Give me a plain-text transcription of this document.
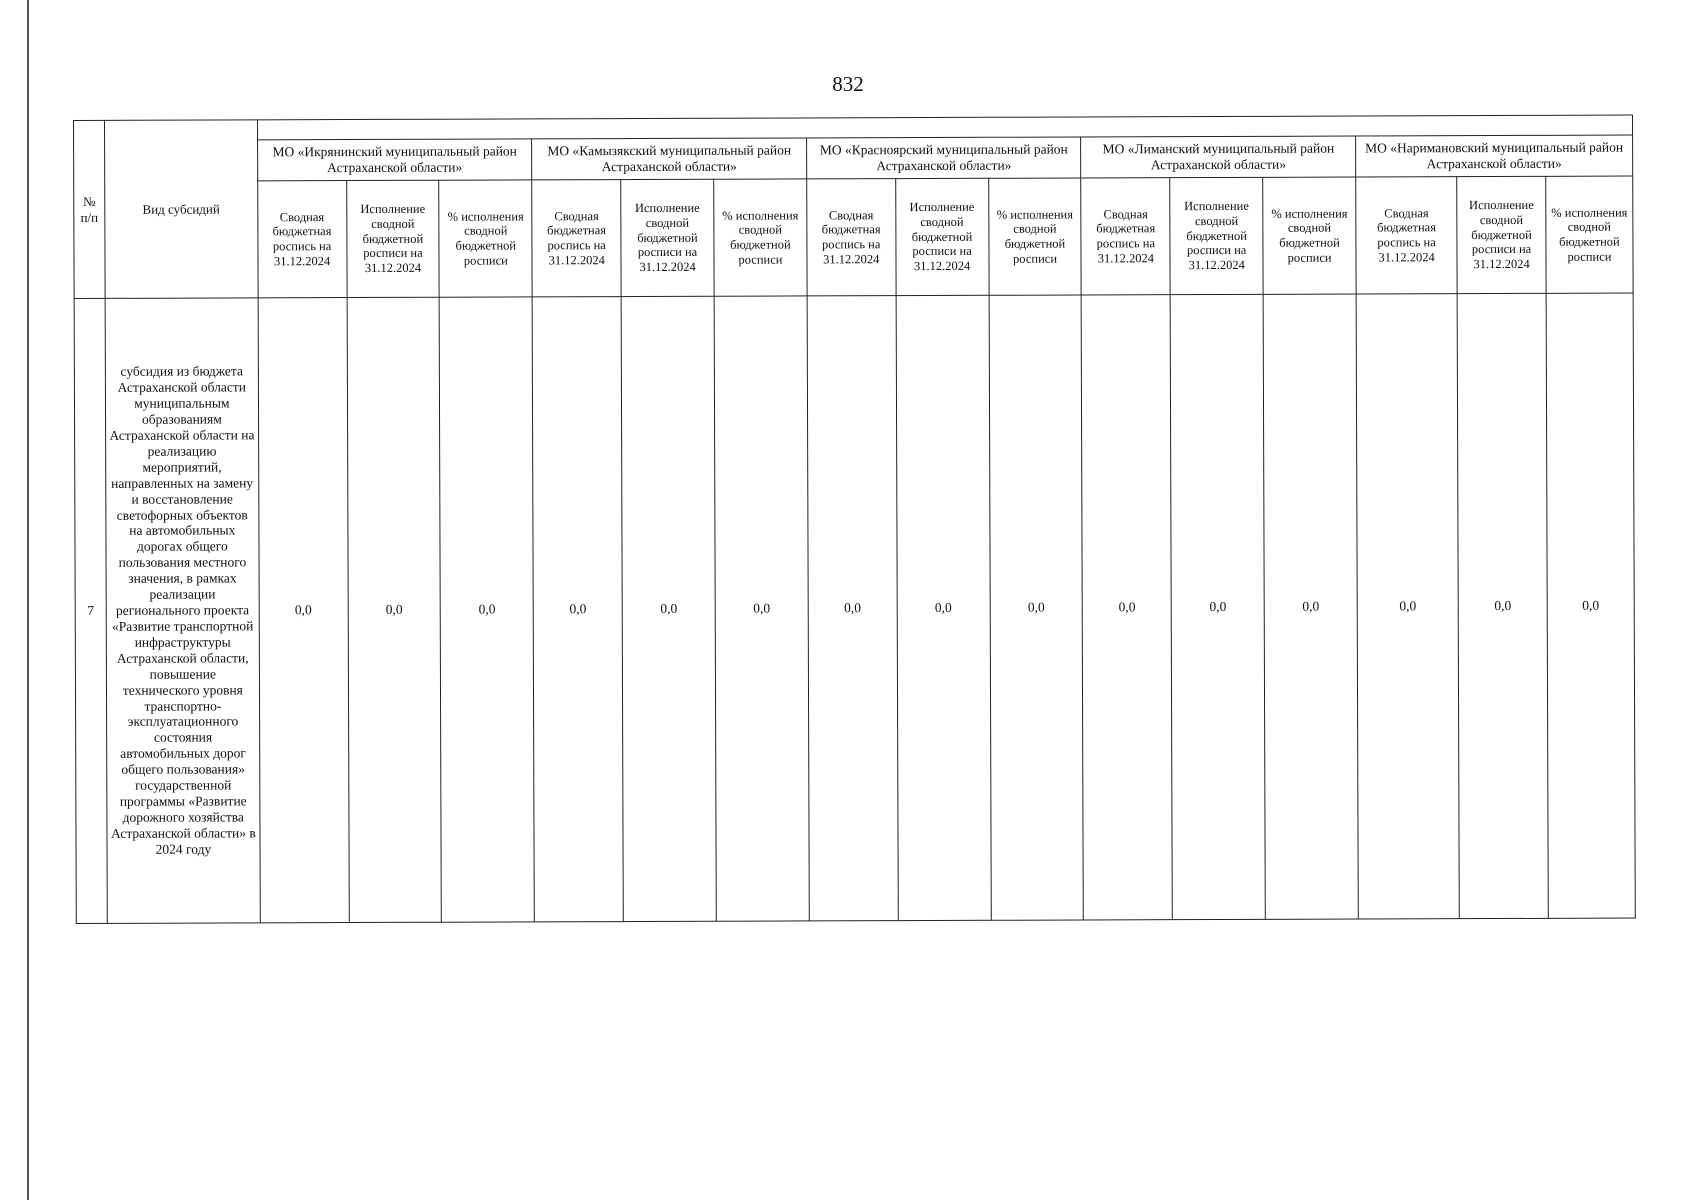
832
№ п/п	Вид субсидий															
		МО «Икрянинский муниципальный район Астраханской области»			МО «Камызякский муниципальный район Астраханской области»			МО «Красноярский муниципальный район Астраханской области»			МО «Лиманский муниципальный район Астраханской области»			МО «Наримановский муниципальный район Астраханской области»		
		Сводная бюджетная роспись на 31.12.2024	Исполнение сводной бюджетной росписи на 31.12.2024	% исполнения сводной бюджетной росписи	Сводная бюджетная роспись на 31.12.2024	Исполнение сводной бюджетной росписи на 31.12.2024	% исполнения сводной бюджетной росписи	Сводная бюджетная роспись на 31.12.2024	Исполнение сводной бюджетной росписи на 31.12.2024	% исполнения сводной бюджетной росписи	Сводная бюджетная роспись на 31.12.2024	Исполнение сводной бюджетной росписи на 31.12.2024	% исполнения сводной бюджетной росписи	Сводная бюджетная роспись на 31.12.2024	Исполнение сводной бюджетной росписи на 31.12.2024	% исполнения сводной бюджетной росписи
7	субсидия из бюджета Астраханской области муниципальным образованиям Астраханской области на реализацию мероприятий, направленных на замену и восстановление светофорных объектов на автомобильных дорогах общего пользования местного значения, в рамках реализации регионального проекта «Развитие транспортной инфраструктуры Астраханской области, повышение технического уровня транспортно-эксплуатационного состояния автомобильных дорог общего пользования» государственной программы «Развитие дорожного хозяйства Астраханской области» в 2024 году	0,0	0,0	0,0	0,0	0,0	0,0	0,0	0,0	0,0	0,0	0,0	0,0	0,0	0,0	0,0
